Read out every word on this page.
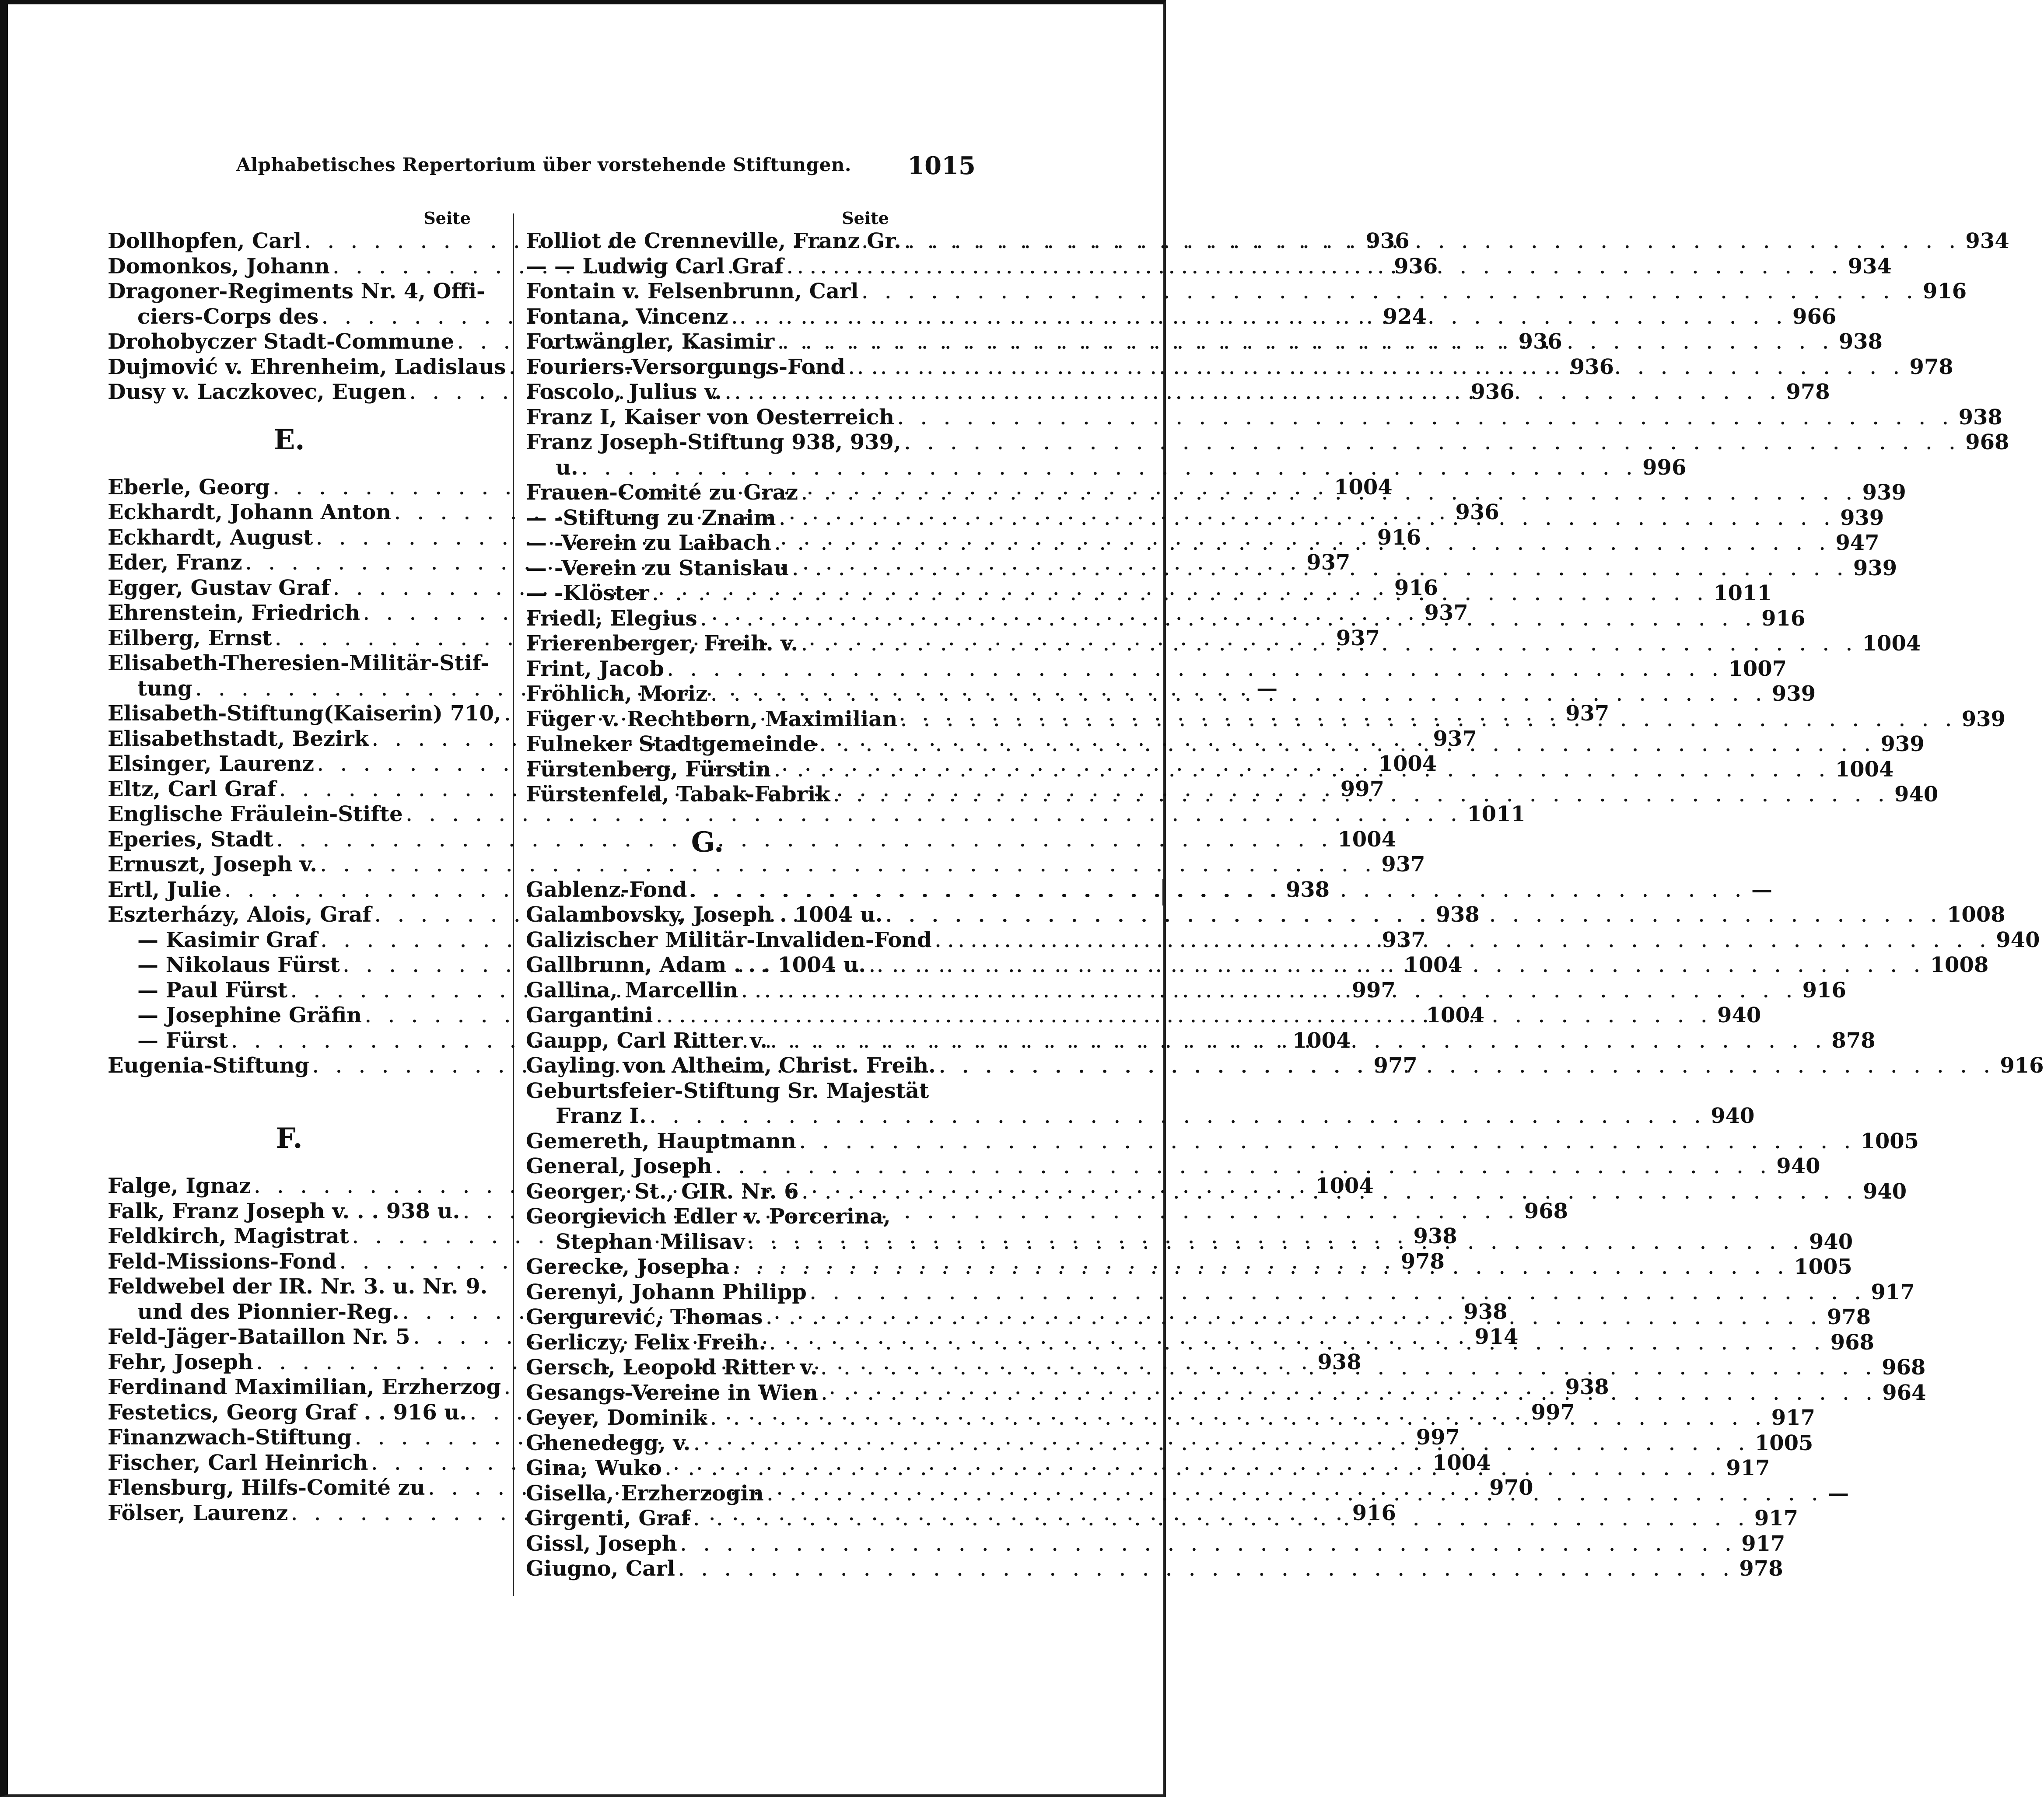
Alphabetisches Repertorium über vorstehende Stiftungen. 1015
Seite
Dollhopfen, Carl . . .	936
Domonkos, Johann . . .	936
Dragoner-Regiments Nr. 4, Offi-
ciers-Corps des . . .	924
Drohobyczer Stadt-Commune . . .	936
Dujmović v. Ehrenheim, Ladislaus . . .	936
Dusy v. Laczkovec, Eugen . . .	936
E.
Eberle, Georg . . .	1004
Eckhardt, Johann Anton . . .	936
Eckhardt, August . . .	916
Eder, Franz . . .	937
Egger, Gustav Graf . . .	916
Ehrenstein, Friedrich . . .	937
Eilberg, Ernst . . .	937
Elisabeth-Theresien-Militär-Stif-
tung . . .	—
Elisabeth-Stiftung(Kaiserin) 710, . . .	937
Elisabethstadt, Bezirk . . .	937
Elsinger, Laurenz . . .	1004
Eltz, Carl Graf . . .	997
Englische Fräulein-Stifte . . .	1011
Eperies, Stadt . . .	1004
Ernuszt, Joseph v. . . .	937
Ertl, Julie . . .	938
Eszterházy, Alois, Graf . . .	938
— Kasimir Graf . . .	937
— Nikolaus Fürst . . .	1004
— Paul Fürst . . .	997
— Josephine Gräfin . . .	1004
— Fürst . . .	1004
Eugenia-Stiftung . . .	977
F.
Falge, Ignaz . . .	1004
Falk, Franz Joseph v. . . 938 u. . . .	968
Feldkirch, Magistrat . . .	938
Feld-Missions-Fond . . .	978
Feldwebel der IR. Nr. 3. u. Nr. 9.
und des Pionnier-Reg. . . .	938
Feld-Jäger-Bataillon Nr. 5 . . .	914
Fehr, Joseph . . .	938
Ferdinand Maximilian, Erzherzog . . .	938
Festetics, Georg Graf . . 916 u. . . .	997
Finanzwach-Stiftung . . .	997
Fischer, Carl Heinrich . . .	1004
Flensburg, Hilfs-Comité zu . . .	970
Fölser, Laurenz . . .	916
Seite
Folliot de Crenneville, Franz Gr. . . .	934
— — Ludwig Carl Graf . . .	934
Fontain v. Felsenbrunn, Carl . . .	916
Fontana, Vincenz . . .	966
Fortwängler, Kasimir . . .	938
Fouriers-Versorgungs-Fond . . .	978
Foscolo, Julius v. . . .	978
Franz I, Kaiser von Oesterreich . . .	938
Franz Joseph-Stiftung 938, 939, . . .	968
u. . . .	996
Frauen-Comité zu Graz . . .	939
— -Stiftung zu Znaim . . .	939
— -Verein zu Laibach . . .	947
— -Verein zu Stanislau . . .	939
— -Klöster . . .	1011
Friedl, Elegius . . .	916
Frierenberger, Freih. v. . . .	1004
Frint, Jacob . . .	1007
Fröhlich, Moriz . . .	939
Füger v. Rechtborn, Maximilian . . .	939
Fulneker Stadtgemeinde . . .	939
Fürstenberg, Fürstin . . .	1004
Fürstenfeld, Tabak-Fabrik . . .	940
G.
Gablenz-Fond . . .	—
Galambovsky, Joseph . 1004 u. . . .	1008
Galizischer Militär-Invaliden-Fond . . .	940
Gallbrunn, Adam . . . 1004 u. . . .	1008
Gallina, Marcellin . . .	916
Gargantini . . .	940
Gaupp, Carl Ritter v. . . .	878
Gayling von Altheim, Christ. Freih. . . .	916
Geburtsfeier-Stiftung Sr. Majestät
Franz I. . . .	940
Gemereth, Hauptmann . . .	1005
General, Joseph . . .	940
Georger, St., GIR. Nr. 6 . . .	940
Georgievich Edler v. Porcerina,
Stephan Milisav . . .	940
Gerecke, Josepha . . .	1005
Gerenyi, Johann Philipp . . .	917
Gergurević, Thomas . . .	978
Gerliczy, Felix Freih. . . .	968
Gersch, Leopold Ritter v. . . .	968
Gesangs-Vereine in Wien . . .	964
Geyer, Dominik . . .	917
Ghenedegg, v. . . .	1005
Gina, Wuko . . .	917
Gisella, Erzherzogin . . .	—
Girgenti, Graf . . .	917
Gissl, Joseph . . .	917
Giugno, Carl . . .	978
